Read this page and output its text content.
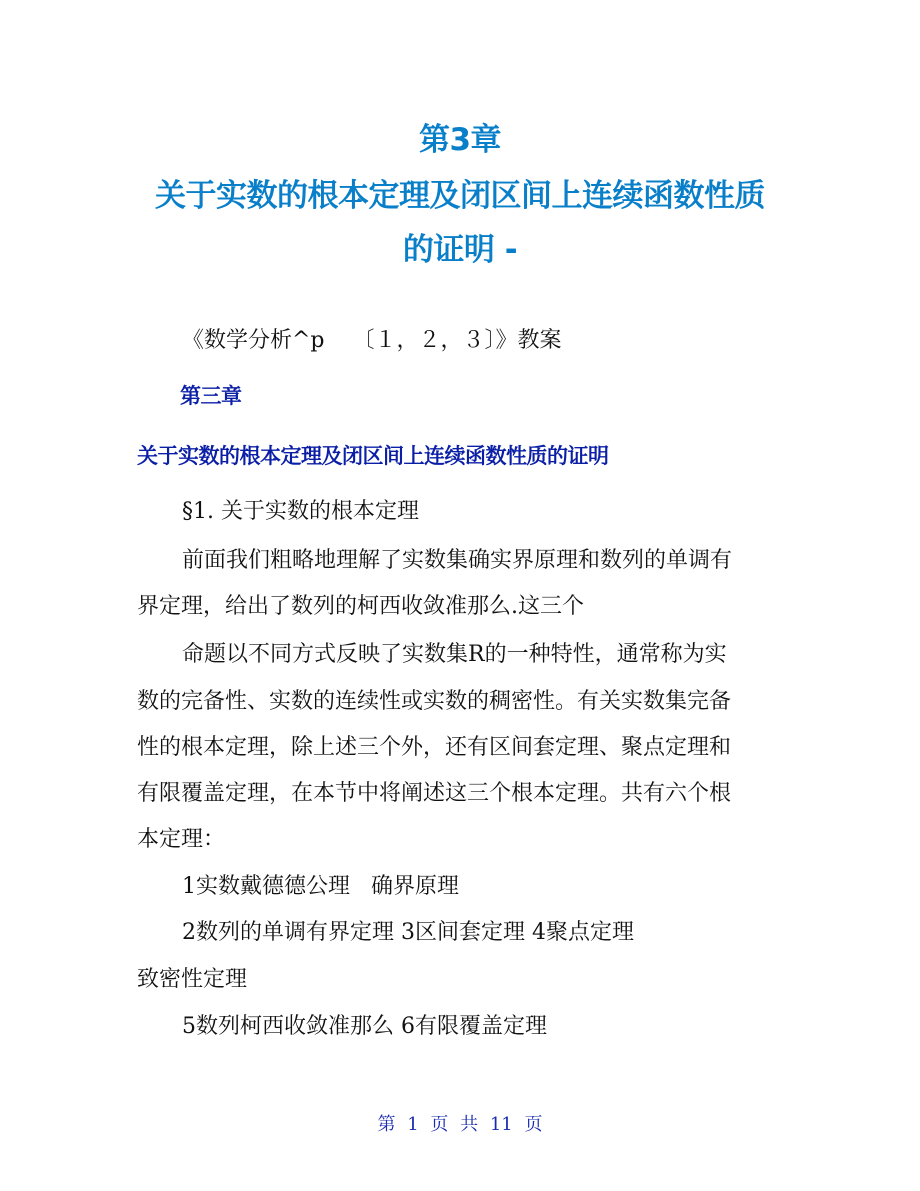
第3章
关于实数的根本定理及闭区间上连续函数性质
的证明 -
《数学分析^p    〔１，２，３〕》教案
第三章
关于实数的根本定理及闭区间上连续函数性质的证明
§1. 关于实数的根本定理
前面我们粗略地理解了实数集确实界原理和数列的单调有
界定理，给出了数列的柯西收敛准那么.这三个
命题以不同方式反映了实数集R的一种特性，通常称为实
数的完备性、实数的连续性或实数的稠密性。有关实数集完备
性的根本定理，除上述三个外，还有区间套定理、聚点定理和
有限覆盖定理，在本节中将阐述这三个根本定理。共有六个根
本定理：
1实数戴德德公理   确界原理
2数列的单调有界定理 3区间套定理 4聚点定理
致密性定理
5数列柯西收敛准那么 6有限覆盖定理
第 1 页 共 11 页
